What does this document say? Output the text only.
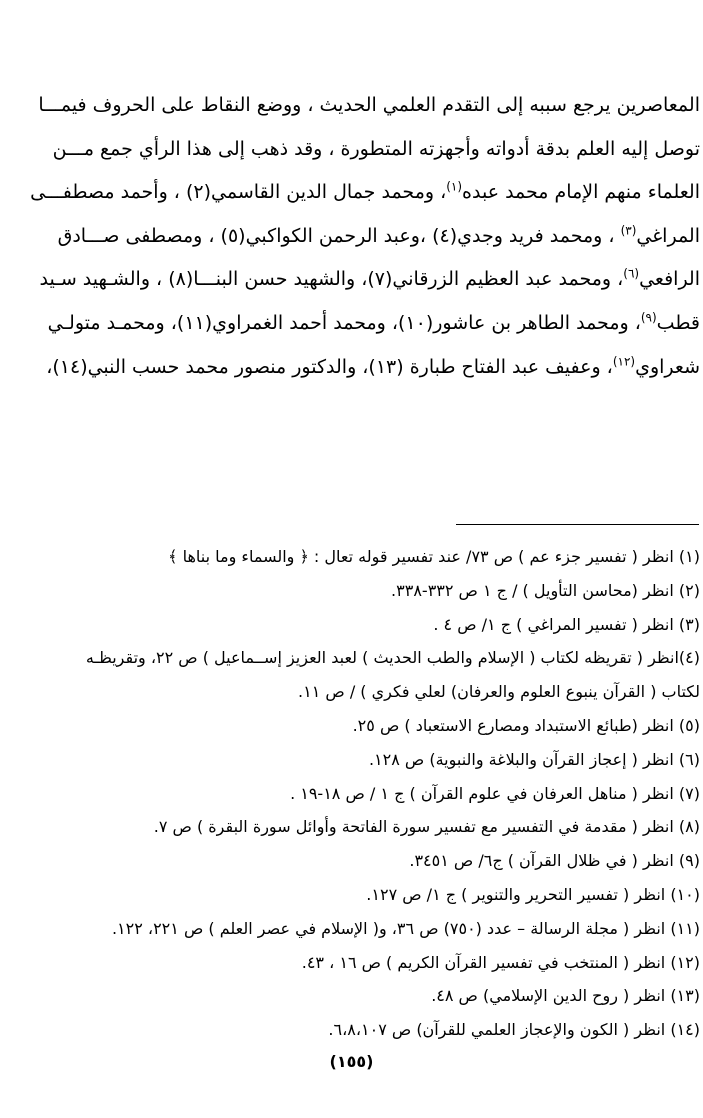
المعاصرين يرجع سببه إلى التقدم العلمي الحديث ، ووضع النقاط على الحروف فيمـــا
توصل إليه العلم بدقة أدواته وأجهزته المتطورة ، وقد ذهب إلى هذا الرأي جمع مـــن
العلماء منهم الإمام محمد عبده$^{(١)}$، ومحمد جمال الدين القاسمي(٢) ، وأحمد مصطفـــى
المراغي$^{(٣)}$ ، ومحمد فريد وجدي(٤) ،وعبد الرحمن الكواكبي(٥) ، ومصطفى صـــادق
الرافعي$^{(٦)}$، ومحمد عبد العظيم الزرقاني(٧)، والشهيد حسن البنـــا(٨) ، والشـهيد سـيد
قطب$^{(٩)}$، ومحمد الطاهر بن عاشور(١٠)، ومحمد أحمد الغمراوي(١١)، ومحمـد متولـي
شعراوي$^{(١٢)}$، وعفيف عبد الفتاح طبارة (١٣)، والدكتور منصور محمد حسب النبي(١٤)،
(١) انظر ( تفسير جزء عم ) ص ٧٣/ عند تفسير قوله تعال : ﴿ والسماء وما بناها ﴾
(٢) انظر (محاسن التأويل ) / ج ١ ص ٣٣٢-٣٣٨.
(٣) انظر ( تفسير المراغي ) ج ١/ ص ٤ .
(٤)انظر ( تقريظه لكتاب ( الإسلام والطب الحديث ) لعبد العزيز إســماعيل ) ص ٢٢، وتقريظـه
لكتاب ( القرآن ينبوع العلوم والعرفان) لعلي فكري ) / ص ١١.
(٥) انظر (طبائع الاستبداد ومصارع الاستعباد ) ص ٢٥.
(٦) انظر ( إعجاز القرآن والبلاغة والنبوية) ص ١٢٨.
(٧) انظر ( مناهل العرفان في علوم القرآن ) ج ١ / ص ١٨-١٩ .
(٨) انظر ( مقدمة في التفسير مع تفسير سورة الفاتحة وأوائل سورة البقرة ) ص ٧.
(٩) انظر ( في ظلال القرآن ) ج٦/ ص ٣٤٥١.
(١٠) انظر ( تفسير التحرير والتنوير ) ج ١/ ص ١٢٧.
(١١) انظر ( مجلة الرسالة – عدد (٧٥٠) ص ٣٦، و( الإسلام في عصر العلم ) ص ٢٢١، ١٢٢.
(١٢) انظر ( المنتخب في تفسير القرآن الكريم ) ص ١٦ ، ٤٣.
(١٣) انظر ( روح الدين الإسلامي) ص ٤٨.
(١٤) انظر ( الكون والإعجاز العلمي للقرآن) ص ٦،٨،١٠٧.
(١٥٥)
